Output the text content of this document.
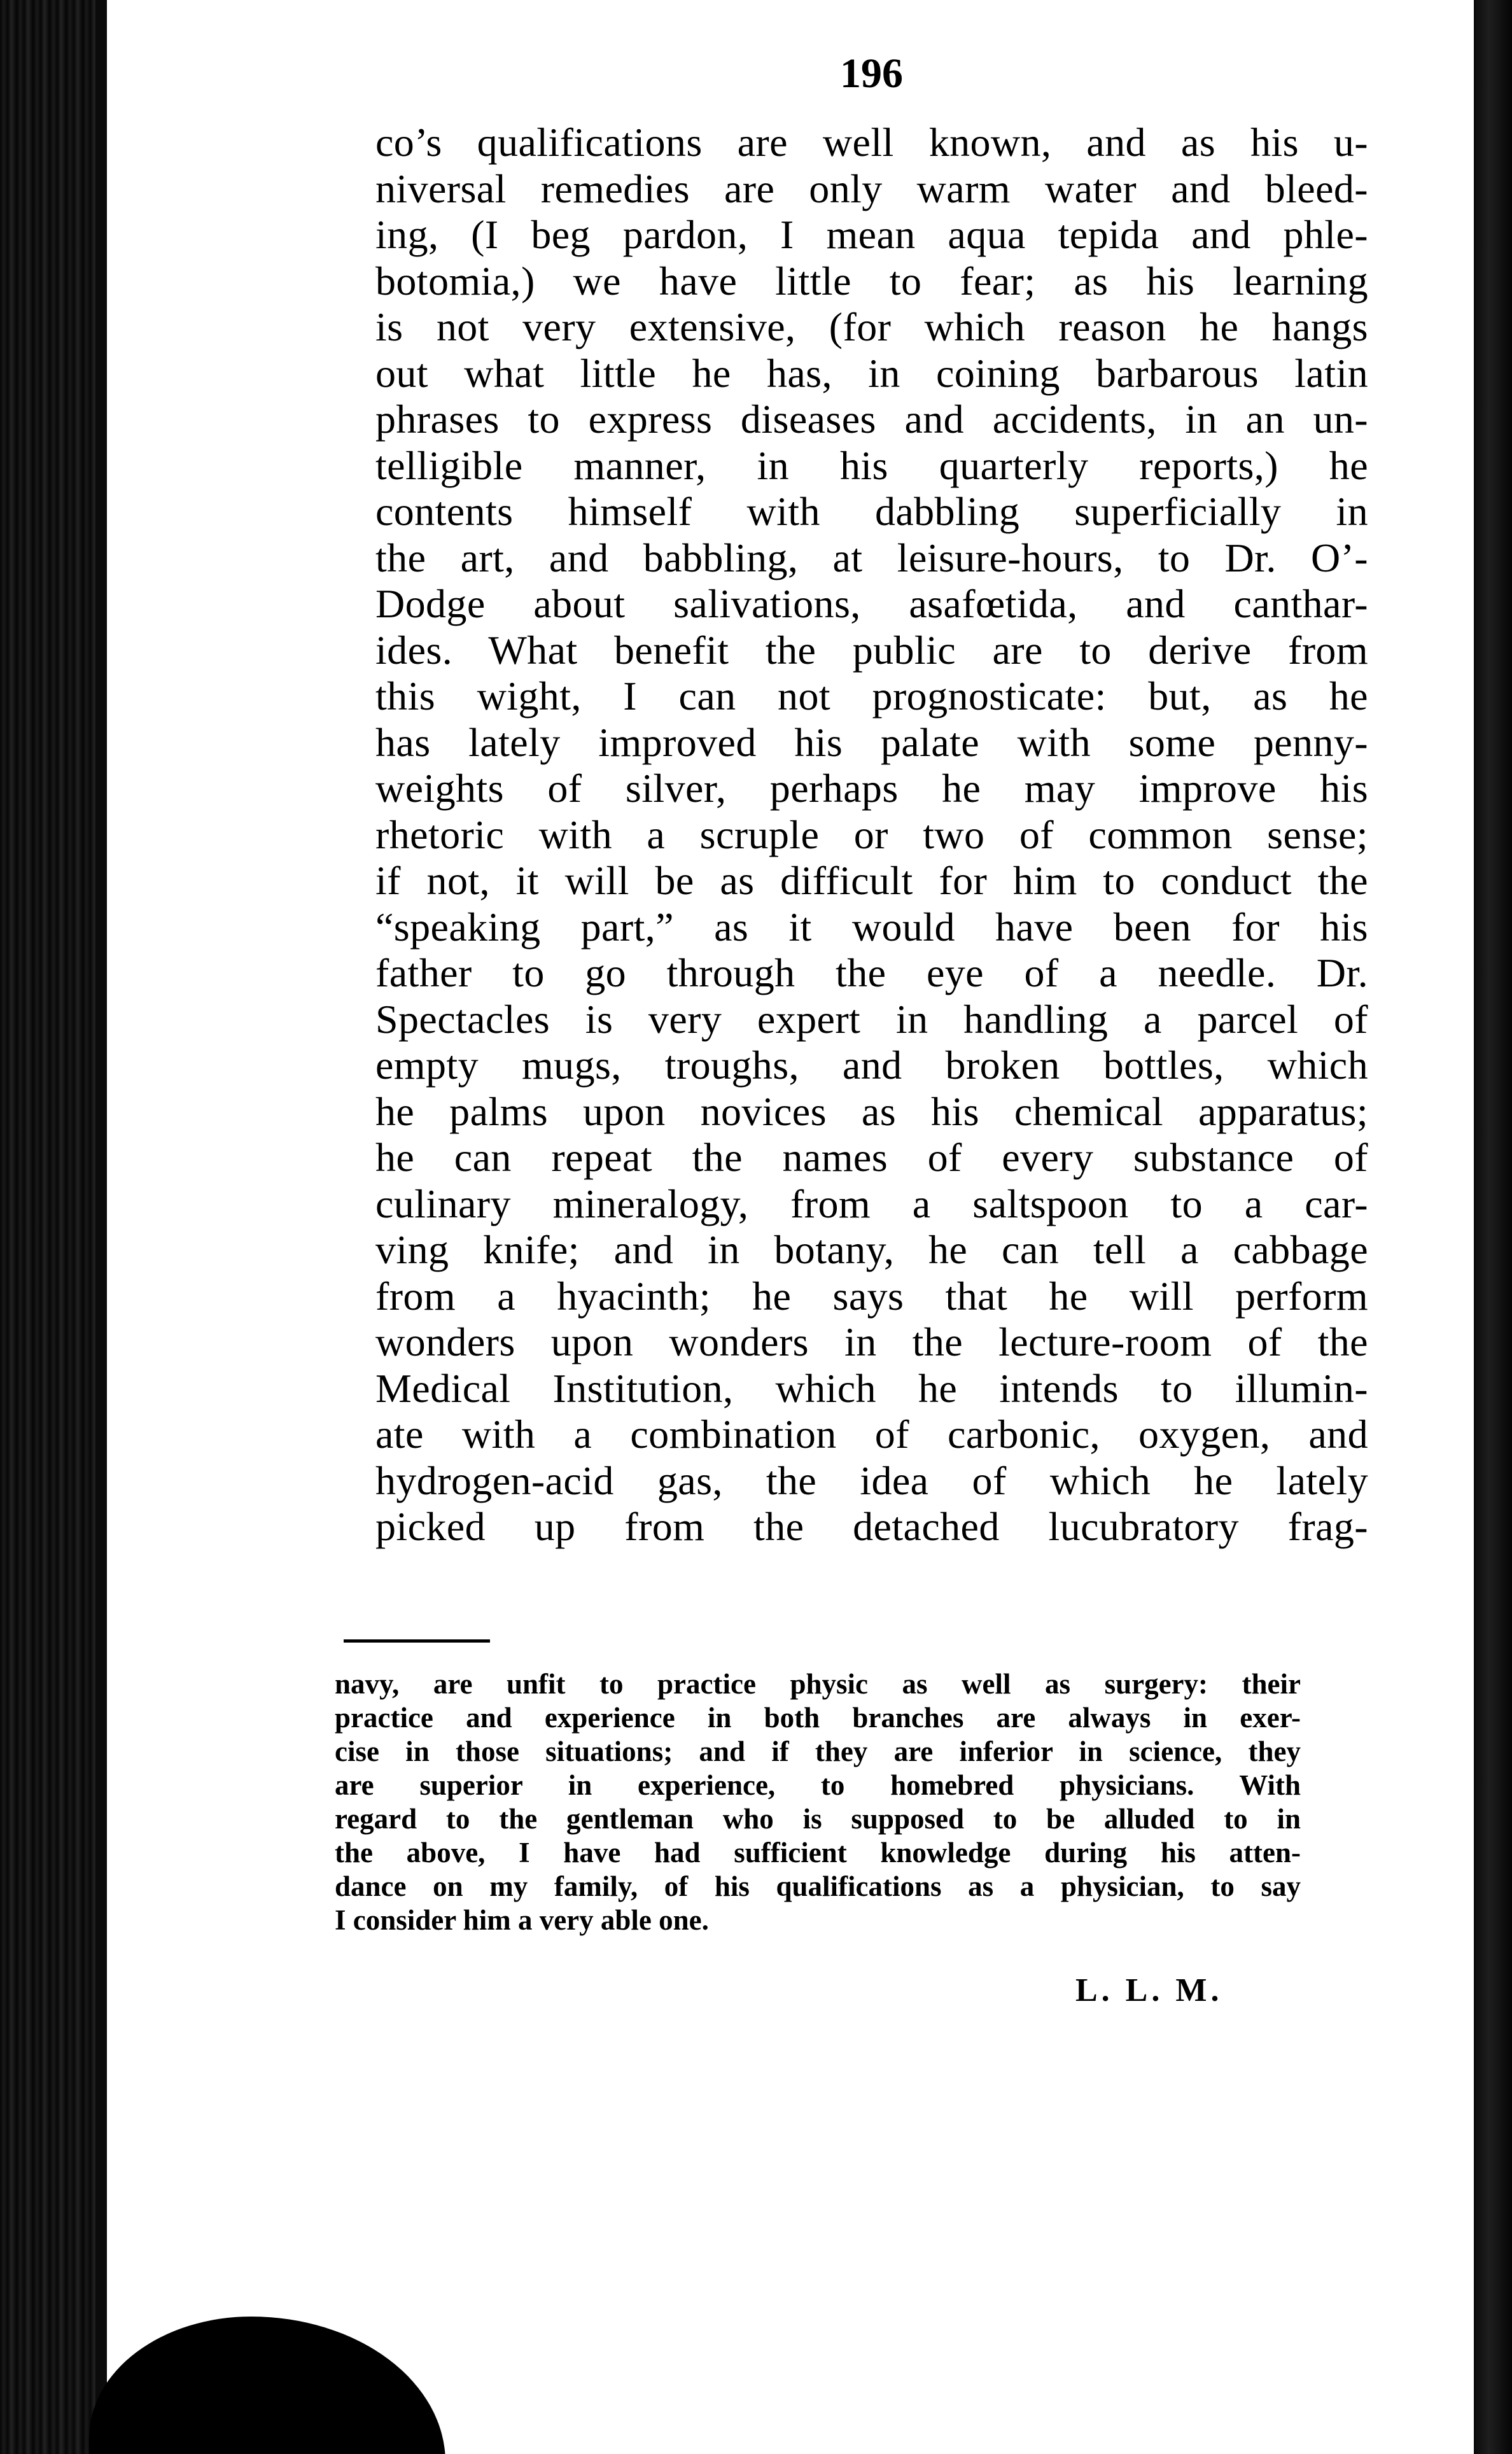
196
co’s qualifications are well known, and as his u-
niversal remedies are only warm water and bleed-
ing, (I beg pardon, I mean aqua tepida and phle-
botomia,) we have little to fear; as his learning
is not very extensive, (for which reason he hangs
out what little he has, in coining barbarous latin
phrases to express diseases and accidents, in an un-
telligible manner, in his quarterly reports,) he
contents himself with dabbling superficially in
the art, and babbling, at leisure-hours, to Dr. O’-
Dodge about salivations, asafœtida, and canthar-
ides. What benefit the public are to derive from
this wight, I can not prognosticate: but, as he
has lately improved his palate with some penny-
weights of silver, perhaps he may improve his
rhetoric with a scruple or two of common sense;
if not, it will be as difficult for him to conduct the
“speaking part,” as it would have been for his
father to go through the eye of a needle. Dr.
Spectacles is very expert in handling a parcel of
empty mugs, troughs, and broken bottles, which
he palms upon novices as his chemical apparatus;
he can repeat the names of every substance of
culinary mineralogy, from a saltspoon to a car-
ving knife; and in botany, he can tell a cabbage
from a hyacinth; he says that he will perform
wonders upon wonders in the lecture-room of the
Medical Institution, which he intends to illumin-
ate with a combination of carbonic, oxygen, and
hydrogen-acid gas, the idea of which he lately
picked up from the detached lucubratory frag-
navy, are unfit to practice physic as well as surgery: their
practice and experience in both branches are always in exer-
cise in those situations; and if they are inferior in science, they
are superior in experience, to homebred physicians. With
regard to the gentleman who is supposed to be alluded to in
the above, I have had sufficient knowledge during his atten-
dance on my family, of his qualifications as a physician, to say
I consider him a very able one.
L. L. M.
